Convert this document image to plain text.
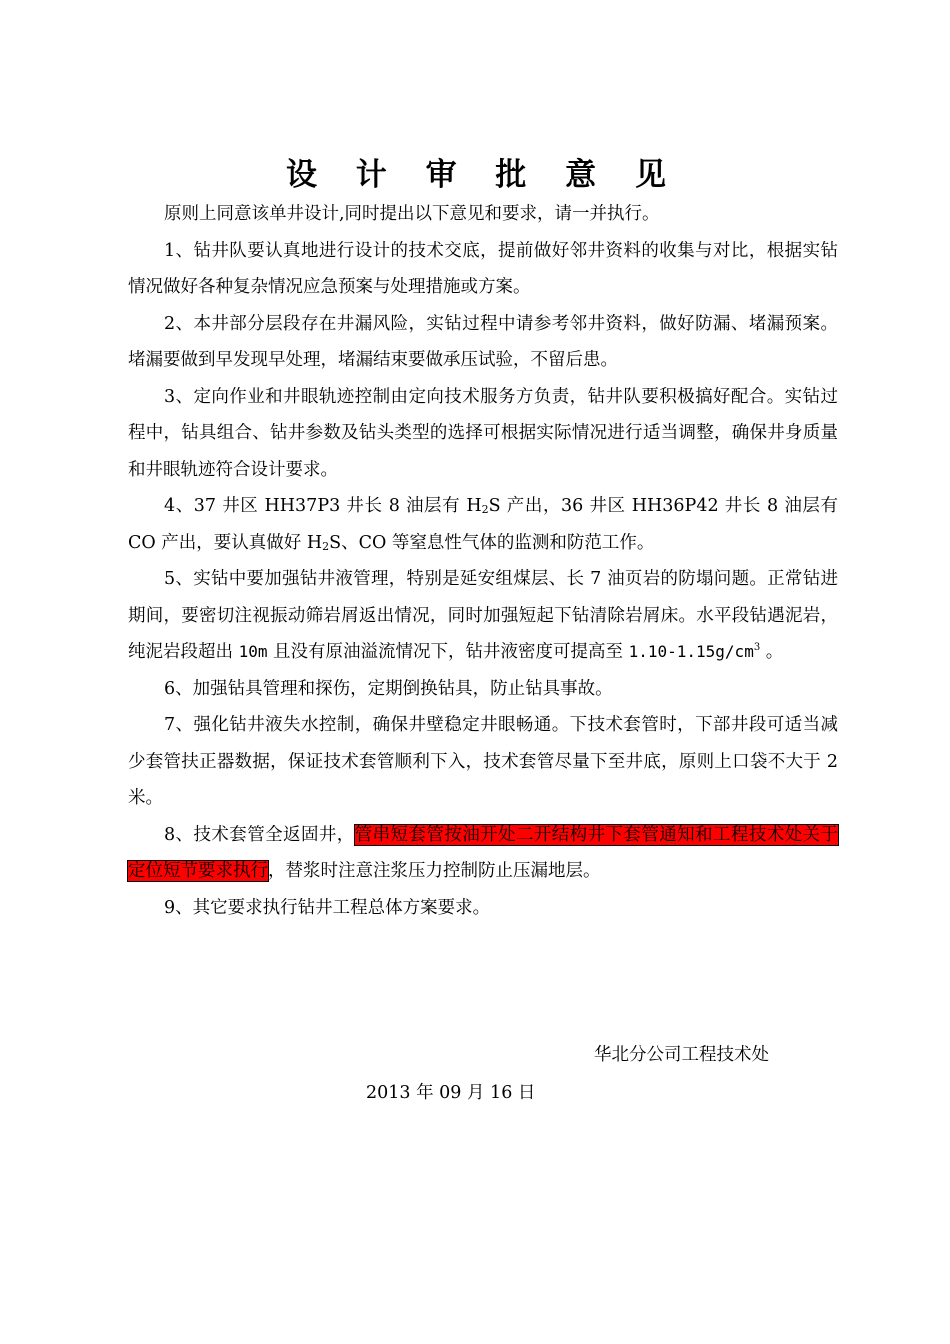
设 计 审 批 意 见

原则上同意该单井设计,同时提出以下意见和要求，请一并执行。

1、钻井队要认真地进行设计的技术交底，提前做好邻井资料的收集与对比，根据实钻情况做好各种复杂情况应急预案与处理措施或方案。

2、本井部分层段存在井漏风险，实钻过程中请参考邻井资料，做好防漏、堵漏预案。堵漏要做到早发现早处理，堵漏结束要做承压试验，不留后患。

3、定向作业和井眼轨迹控制由定向技术服务方负责，钻井队要积极搞好配合。实钻过程中，钻具组合、钻井参数及钻头类型的选择可根据实际情况进行适当调整，确保井身质量和井眼轨迹符合设计要求。

4、37 井区 HH37P3 井长 8 油层有 $H_2S$ 产出，36 井区 HH36P42 井长 8 油层有 CO 产出，要认真做好 $H_2S$、CO 等窒息性气体的监测和防范工作。

5、实钻中要加强钻井液管理，特别是延安组煤层、长 7 油页岩的防塌问题。正常钻进期间，要密切注视振动筛岩屑返出情况，同时加强短起下钻清除岩屑床。水平段钻遇泥岩，纯泥岩段超出 10m 且没有原油溢流情况下，钻井液密度可提高至 $1.10-1.15g/cm^3$ 。

6、加强钻具管理和探伤，定期倒换钻具，防止钻具事故。

7、强化钻井液失水控制，确保井壁稳定井眼畅通。下技术套管时，下部井段可适当减少套管扶正器数据，保证技术套管顺利下入，技术套管尽量下至井底，原则上口袋不大于 2 米。

8、技术套管全返固井，管串短套管按油开处二开结构井下套管通知和工程技术处关于定位短节要求执行，替浆时注意注浆压力控制防止压漏地层。

9、其它要求执行钻井工程总体方案要求。

华北分公司工程技术处
2013 年 09 月 16 日
